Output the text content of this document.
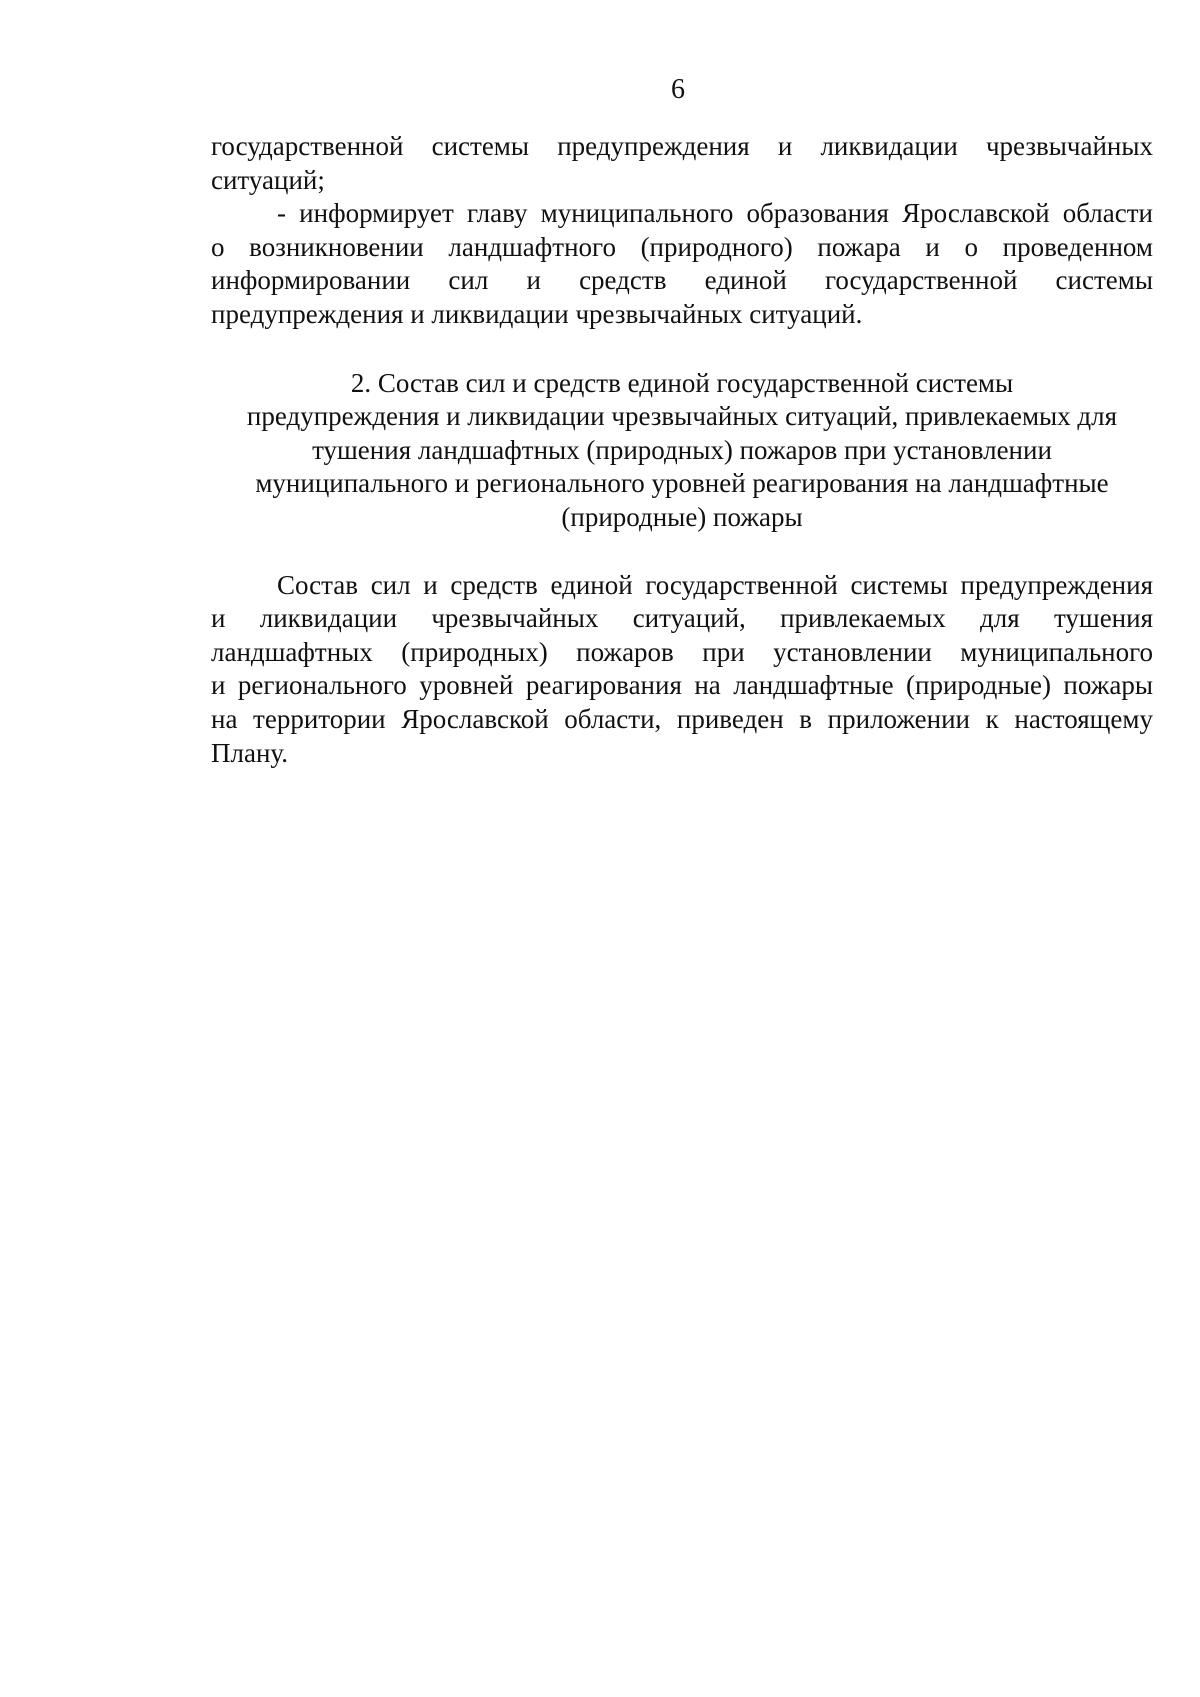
6

государственной системы предупреждения и ликвидации чрезвычайных
ситуаций;

- информирует главу муниципального образования Ярославской области
о возникновении ландшафтного (природного) пожара и о проведенном
информировании сил и средств единой государственной системы
предупреждения и ликвидации чрезвычайных ситуаций.

2. Состав сил и средств единой государственной системы
предупреждения и ликвидации чрезвычайных ситуаций, привлекаемых для
тушения ландшафтных (природных) пожаров при установлении
муниципального и регионального уровней реагирования на ландшафтные
(природные) пожары

Состав сил и средств единой государственной системы предупреждения
и ликвидации чрезвычайных ситуаций, привлекаемых для тушения
ландшафтных (природных) пожаров при установлении муниципального
и регионального уровней реагирования на ландшафтные (природные) пожары
на территории Ярославской области, приведен в приложении к настоящему
Плану.
